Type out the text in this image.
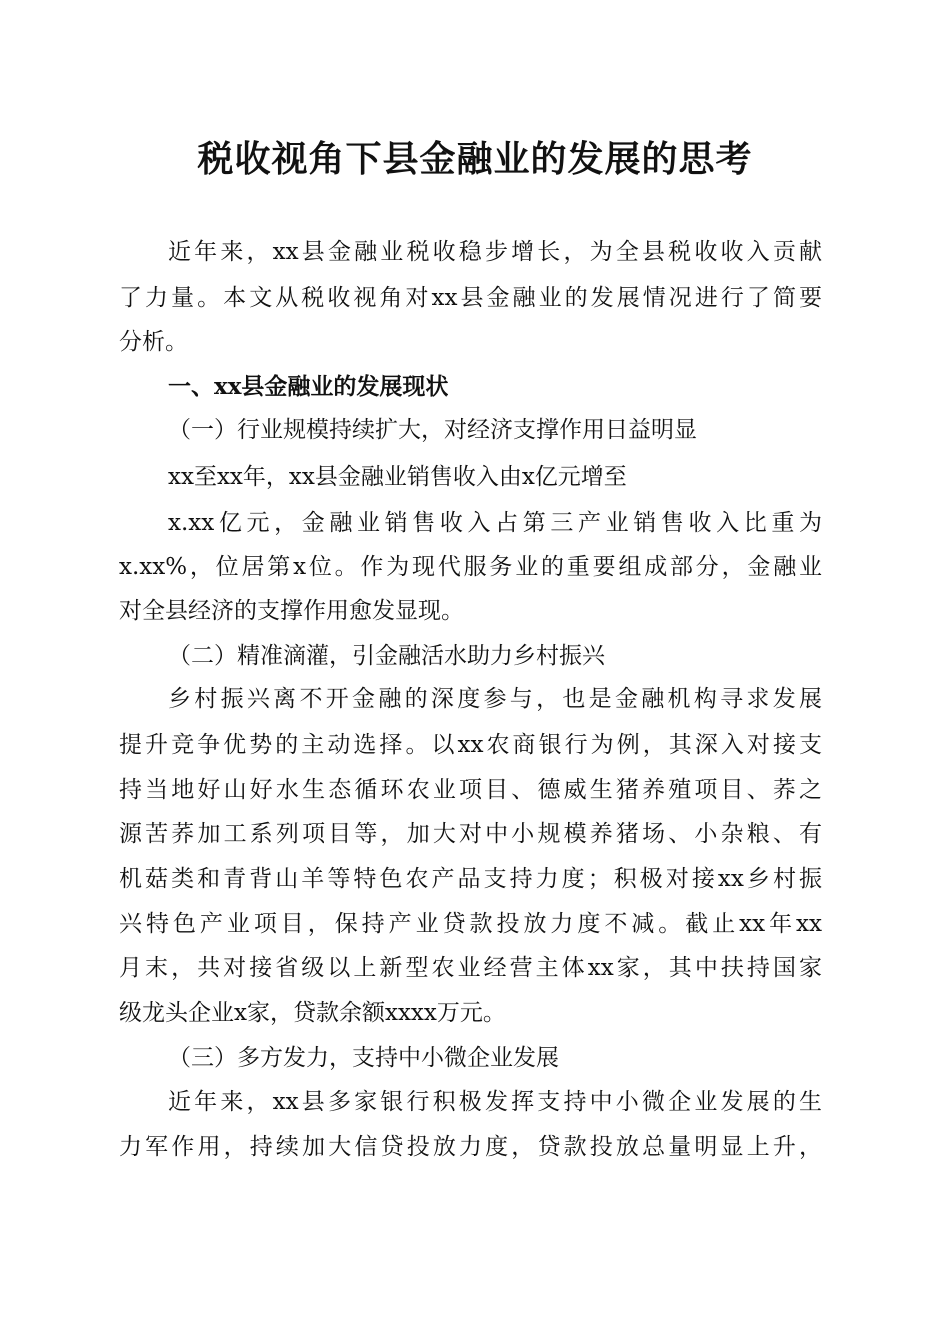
税收视角下县金融业的发展的思考
近年来，xx县金融业税收稳步增长，为全县税收收入贡献
了力量。本文从税收视角对xx县金融业的发展情况进行了简要
分析。
一、xx县金融业的发展现状
（一）行业规模持续扩大，对经济支撑作用日益明显
xx至xx年，xx县金融业销售收入由x亿元增至
x.xx亿元，金融业销售收入占第三产业销售收入比重为
x.xx%，位居第x位。作为现代服务业的重要组成部分，金融业
对全县经济的支撑作用愈发显现。
（二）精准滴灌，引金融活水助力乡村振兴
乡村振兴离不开金融的深度参与，也是金融机构寻求发展
提升竞争优势的主动选择。以xx农商银行为例，其深入对接支
持当地好山好水生态循环农业项目、德威生猪养殖项目、荞之
源苦荞加工系列项目等，加大对中小规模养猪场、小杂粮、有
机菇类和青背山羊等特色农产品支持力度；积极对接xx乡村振
兴特色产业项目，保持产业贷款投放力度不减。截止xx年xx
月末，共对接省级以上新型农业经营主体xx家，其中扶持国家
级龙头企业x家，贷款余额xxxx万元。
（三）多方发力，支持中小微企业发展
近年来，xx县多家银行积极发挥支持中小微企业发展的生
力军作用，持续加大信贷投放力度，贷款投放总量明显上升，
